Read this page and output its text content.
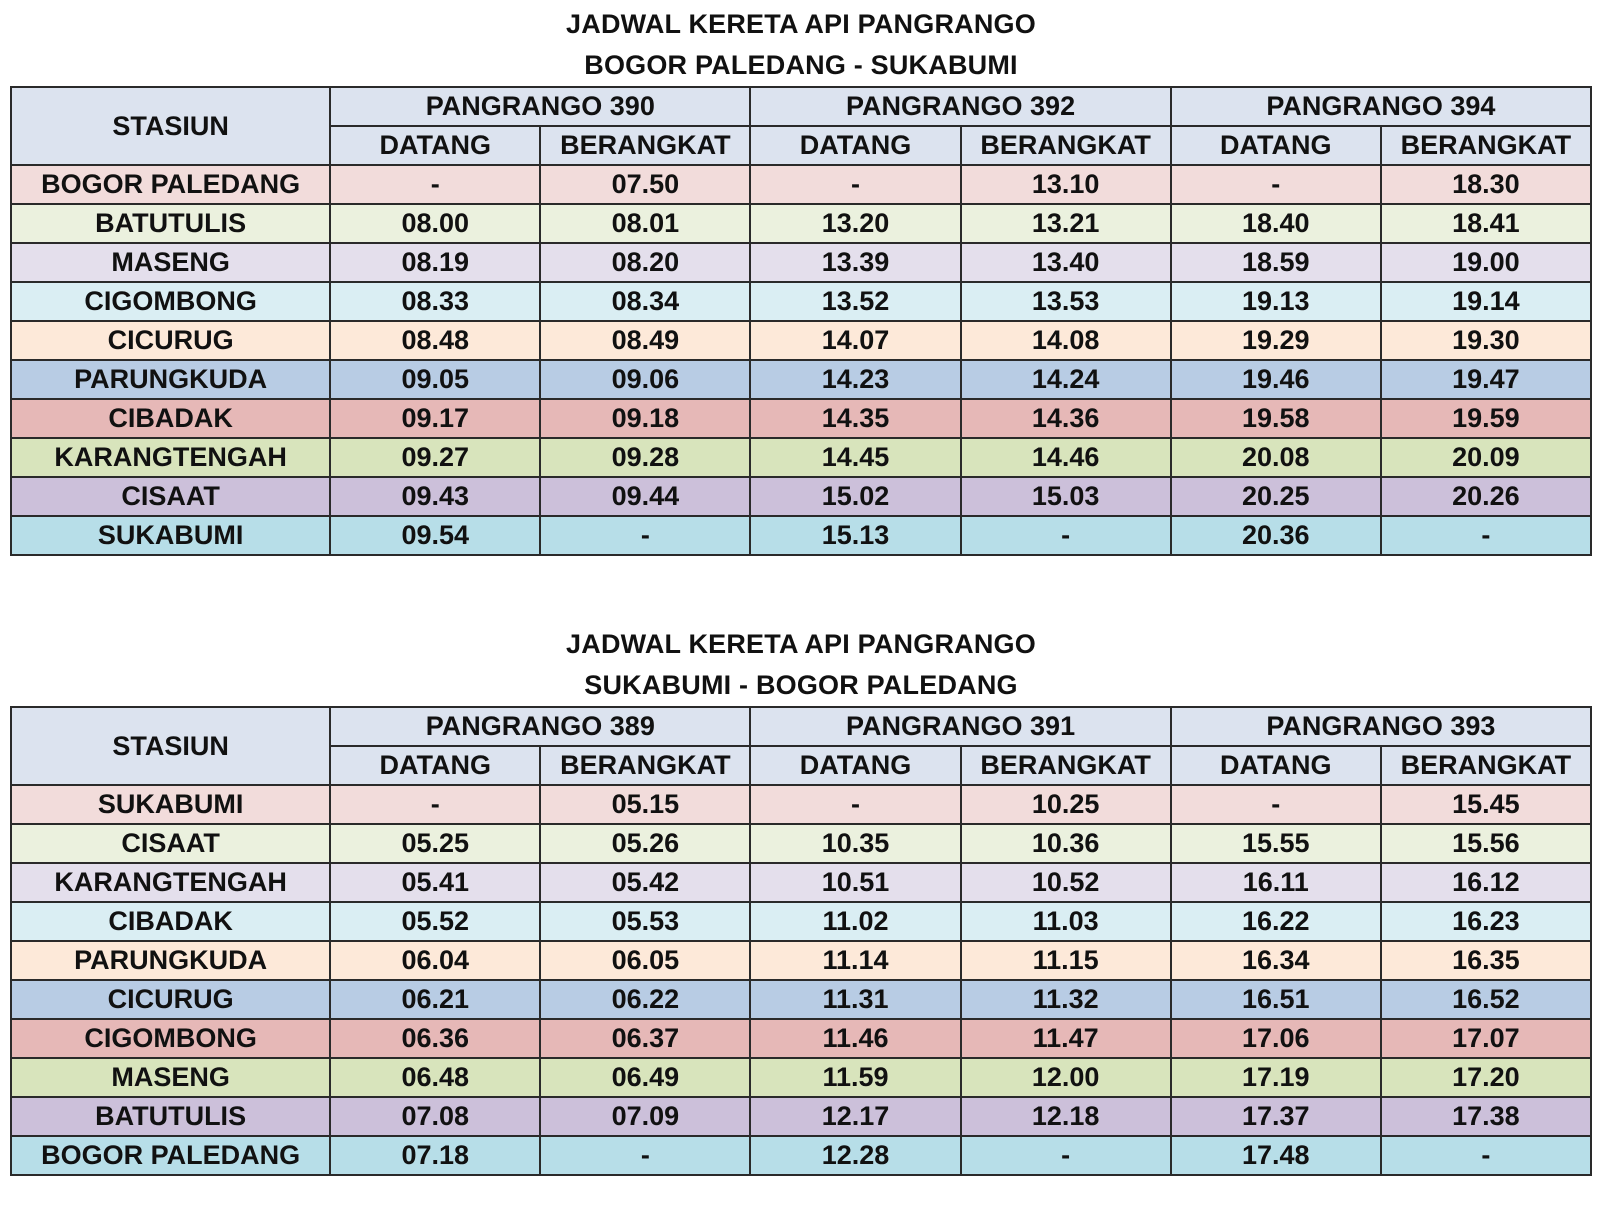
JADWAL KERETA API PANGRANGO
BOGOR PALEDANG - SUKABUMI
STASIUN	PANGRANGO 390		PANGRANGO 392		PANGRANGO 394	
	DATANG	BERANGKAT	DATANG	BERANGKAT	DATANG	BERANGKAT
BOGOR PALEDANG	-	07.50	-	13.10	-	18.30
BATUTULIS	08.00	08.01	13.20	13.21	18.40	18.41
MASENG	08.19	08.20	13.39	13.40	18.59	19.00
CIGOMBONG	08.33	08.34	13.52	13.53	19.13	19.14
CICURUG	08.48	08.49	14.07	14.08	19.29	19.30
PARUNGKUDA	09.05	09.06	14.23	14.24	19.46	19.47
CIBADAK	09.17	09.18	14.35	14.36	19.58	19.59
KARANGTENGAH	09.27	09.28	14.45	14.46	20.08	20.09
CISAAT	09.43	09.44	15.02	15.03	20.25	20.26
SUKABUMI	09.54	-	15.13	-	20.36	-
JADWAL KERETA API PANGRANGO
SUKABUMI - BOGOR PALEDANG
STASIUN	PANGRANGO 389		PANGRANGO 391		PANGRANGO 393	
	DATANG	BERANGKAT	DATANG	BERANGKAT	DATANG	BERANGKAT
SUKABUMI	-	05.15	-	10.25	-	15.45
CISAAT	05.25	05.26	10.35	10.36	15.55	15.56
KARANGTENGAH	05.41	05.42	10.51	10.52	16.11	16.12
CIBADAK	05.52	05.53	11.02	11.03	16.22	16.23
PARUNGKUDA	06.04	06.05	11.14	11.15	16.34	16.35
CICURUG	06.21	06.22	11.31	11.32	16.51	16.52
CIGOMBONG	06.36	06.37	11.46	11.47	17.06	17.07
MASENG	06.48	06.49	11.59	12.00	17.19	17.20
BATUTULIS	07.08	07.09	12.17	12.18	17.37	17.38
BOGOR PALEDANG	07.18	-	12.28	-	17.48	-
